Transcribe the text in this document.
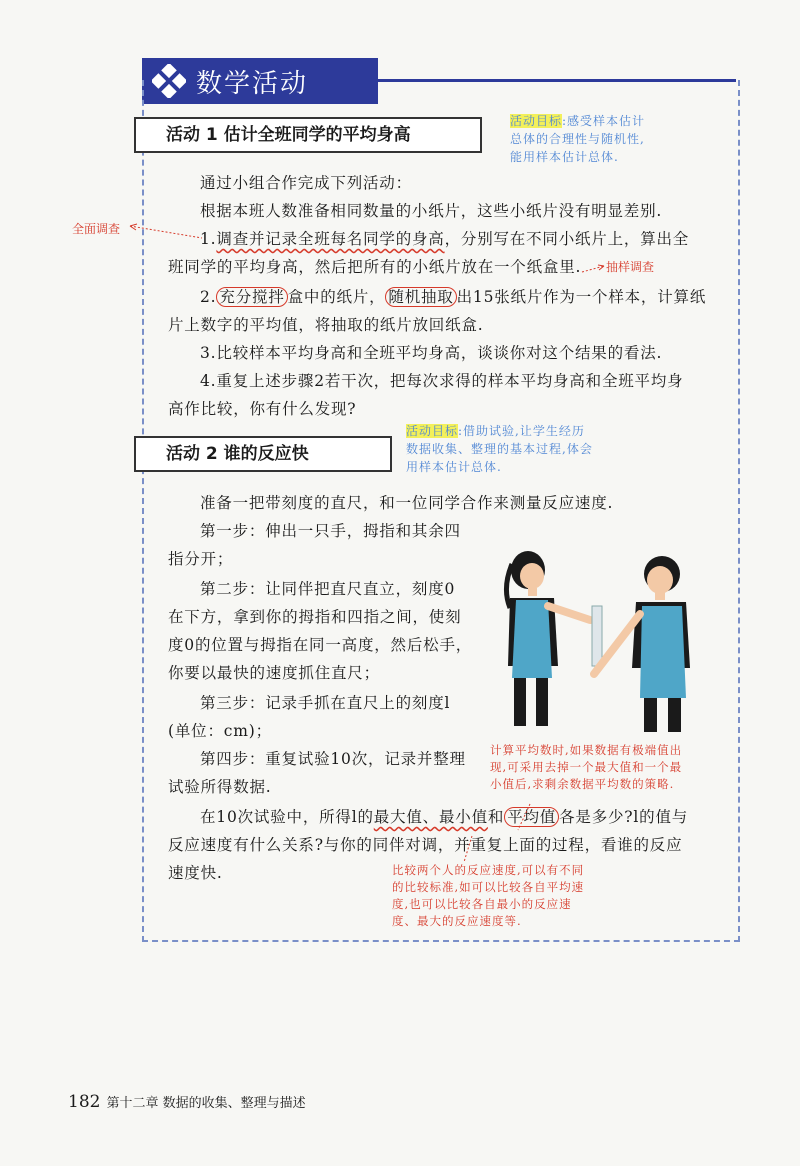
数学活动
活动 1 估计全班同学的平均身高
活动目标:感受样本估计
总体的合理性与随机性,
能用样本估计总体.
通过小组合作完成下列活动：
根据本班人数准备相同数量的小纸片，这些小纸片没有明显差别.
1.调查并记录全班每名同学的身高，分别写在不同小纸片上，算出全
班同学的平均身高，然后把所有的小纸片放在一个纸盒里.
2. 充分搅拌 盒中的纸片， 随机抽取 出15张纸片作为一个样本，计算纸
片上数字的平均值，将抽取的纸片放回纸盒.
3.比较样本平均身高和全班平均身高，谈谈你对这个结果的看法.
4.重复上述步骤2若干次，把每次求得的样本平均身高和全班平均身
高作比较，你有什么发现?
全面调查
抽样调查
活动 2 谁的反应快
活动目标:借助试验,让学生经历
数据收集、整理的基本过程,体会
用样本估计总体.
准备一把带刻度的直尺，和一位同学合作来测量反应速度.
第一步：伸出一只手，拇指和其余四
指分开；
第二步：让同伴把直尺直立，刻度0
在下方，拿到你的拇指和四指之间，使刻
度0的位置与拇指在同一高度，然后松手，
你要以最快的速度抓住直尺；
第三步：记录手抓在直尺上的刻度l
(单位：cm)；
第四步：重复试验10次，记录并整理
试验所得数据.
在10次试验中，所得l的最大值、最小值和 平均值 各是多少?l的值与
反应速度有什么关系?与你的同伴对调，并重复上面的过程，看谁的反应
速度快.
计算平均数时,如果数据有极端值出
现,可采用去掉一个最大值和一个最
小值后,求剩余数据平均数的策略.
比较两个人的反应速度,可以有不同
的比较标准,如可以比较各自平均速
度,也可以比较各自最小的反应速
度、最大的反应速度等.
182 第十二章 数据的收集、整理与描述
